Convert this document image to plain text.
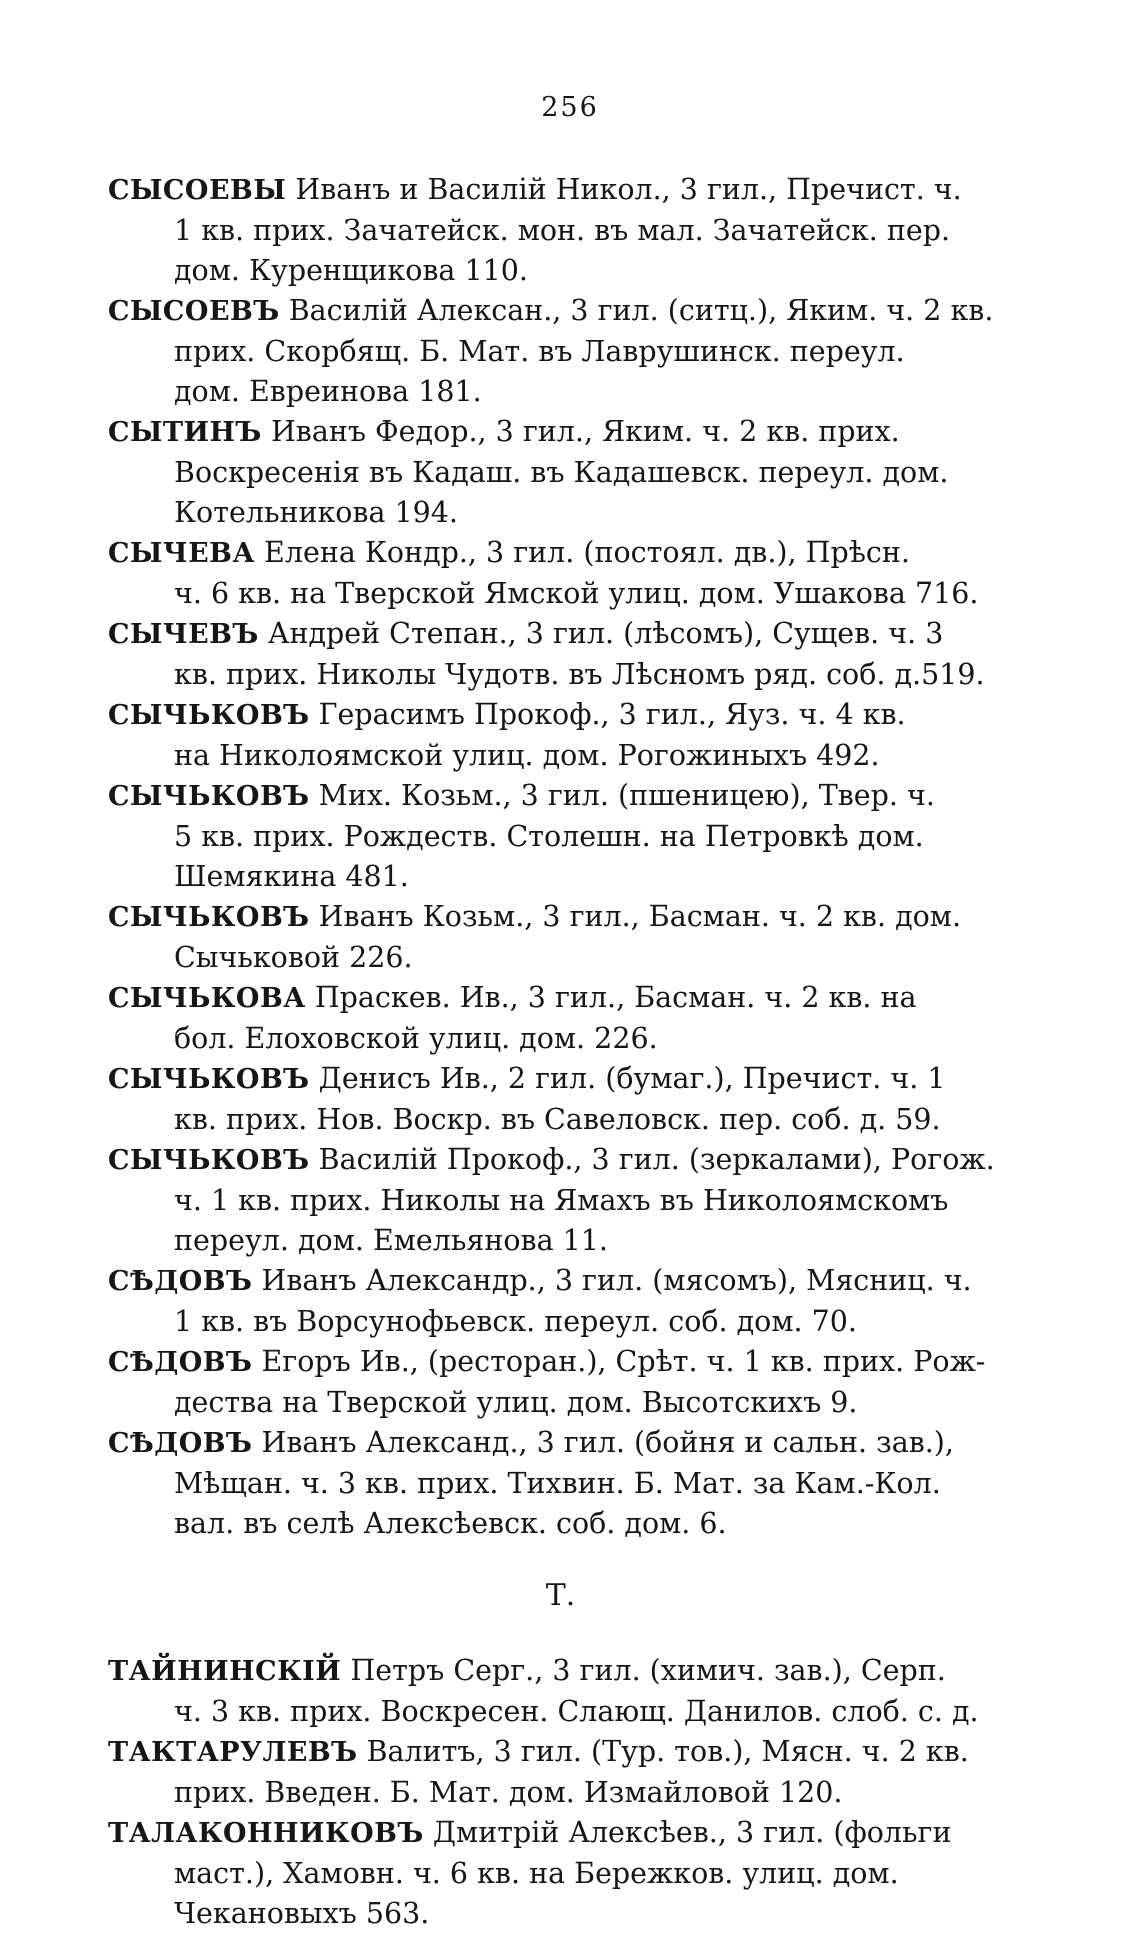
256
СЫСОЕВЫ Иванъ и Василій Никол., 3 гил., Пречист. ч.
1 кв. прих. Зачатейск. мон. въ мал. Зачатейск. пер.
дом. Куренщикова 110.
СЫСОЕВЪ Василій Алексан., 3 гил. (ситц.), Яким. ч. 2 кв.
прих. Скорбящ. Б. Мат. въ Лаврушинск. переул.
дом. Евреинова 181.
СЫТИНЪ Иванъ Федор., 3 гил., Яким. ч. 2 кв. прих.
Воскресенія въ Кадаш. въ Кадашевск. переул. дом.
Котельникова 194.
СЫЧЕВА Елена Кондр., 3 гил. (постоял. дв.), Прѣсн.
ч. 6 кв. на Тверской Ямской улиц. дом. Ушакова 716.
СЫЧЕВЪ Андрей Степан., 3 гил. (лѣсомъ), Сущев. ч. 3
кв. прих. Николы Чудотв. въ Лѣсномъ ряд. соб. д.519.
СЫЧЬКОВЪ Герасимъ Прокоф., 3 гил., Яуз. ч. 4 кв.
на Николоямской улиц. дом. Рогожиныхъ 492.
СЫЧЬКОВЪ Мих. Козьм., 3 гил. (пшеницею), Твер. ч.
5 кв. прих. Рождеств. Столешн. на Петровкѣ дом.
Шемякина 481.
СЫЧЬКОВЪ Иванъ Козьм., 3 гил., Басман. ч. 2 кв. дом.
Сычьковой 226.
СЫЧЬКОВА Праскев. Ив., 3 гил., Басман. ч. 2 кв. на
бол. Елоховской улиц. дом. 226.
СЫЧЬКОВЪ Денисъ Ив., 2 гил. (бумаг.), Пречист. ч. 1
кв. прих. Нов. Воскр. въ Савеловск. пер. соб. д. 59.
СЫЧЬКОВЪ Василій Прокоф., 3 гил. (зеркалами), Рогож.
ч. 1 кв. прих. Николы на Ямахъ въ Николоямскомъ
переул. дом. Емельянова 11.
СѢДОВЪ Иванъ Александр., 3 гил. (мясомъ), Мясниц. ч.
1 кв. въ Ворсунофьевск. переул. соб. дом. 70.
СѢДОВЪ Егоръ Ив., (ресторан.), Срѣт. ч. 1 кв. прих. Рож-
дества на Тверской улиц. дом. Высотскихъ 9.
СѢДОВЪ Иванъ Александ., 3 гил. (бойня и сальн. зав.),
Мѣщан. ч. 3 кв. прих. Тихвин. Б. Мат. за Кам.-Кол.
вал. въ селѣ Алексѣевск. соб. дом. 6.
Т.
ТАЙНИНСКІЙ Петръ Серг., 3 гил. (химич. зав.), Серп.
ч. 3 кв. прих. Воскресен. Слающ. Данилов. слоб. с. д.
ТАКТАРУЛЕВЪ Валитъ, 3 гил. (Тур. тов.), Мясн. ч. 2 кв.
прих. Введен. Б. Мат. дом. Измайловой 120.
ТАЛАКОННИКОВЪ Дмитрій Алексѣев., 3 гил. (фольги
маст.), Хамовн. ч. 6 кв. на Бережков. улиц. дом.
Чекановыхъ 563.
